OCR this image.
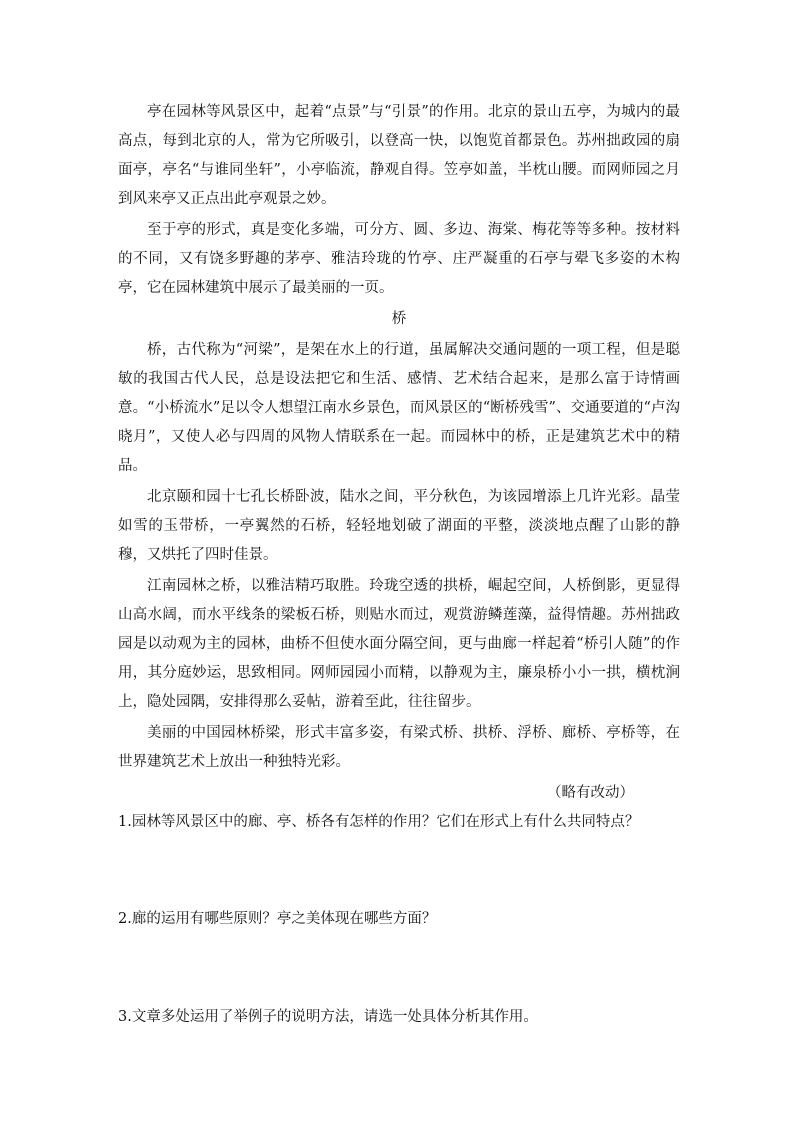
亭在园林等风景区中，起着“点景”与“引景”的作用。北京的景山五亭，为城内的最高点，每到北京的人，常为它所吸引，以登高一快，以饱览首都景色。苏州拙政园的扇面亭，亭名“与谁同坐轩”，小亭临流，静观自得。笠亭如盖，半枕山腰。而网师园之月到风来亭又正点出此亭观景之妙。

至于亭的形式，真是变化多端，可分方、圆、多边、海棠、梅花等等多种。按材料的不同，又有饶多野趣的茅亭、雅洁玲珑的竹亭、庄严凝重的石亭与翚飞多姿的木构亭，它在园林建筑中展示了最美丽的一页。

桥

桥，古代称为“河梁”，是架在水上的行道，虽属解决交通问题的一项工程，但是聪敏的我国古代人民，总是设法把它和生活、感情、艺术结合起来，是那么富于诗情画意。“小桥流水”足以令人想望江南水乡景色，而风景区的“断桥残雪”、交通要道的“卢沟晓月”，又使人必与四周的风物人情联系在一起。而园林中的桥，正是建筑艺术中的精品。

北京颐和园十七孔长桥卧波，陆水之间，平分秋色，为该园增添上几许光彩。晶莹如雪的玉带桥，一亭翼然的石桥，轻轻地划破了湖面的平整，淡淡地点醒了山影的静穆，又烘托了四时佳景。

江南园林之桥，以雅洁精巧取胜。玲珑空透的拱桥，崛起空间，人桥倒影，更显得山高水阔，而水平线条的梁板石桥，则贴水而过，观赏游鳞莲藻，益得情趣。苏州拙政园是以动观为主的园林，曲桥不但使水面分隔空间，更与曲廊一样起着“桥引人随”的作用，其分庭妙运，思致相同。网师园园小而精，以静观为主，廉泉桥小小一拱，横枕涧上，隐处园隅，安排得那么妥帖，游着至此，往往留步。

美丽的中国园林桥梁，形式丰富多姿，有梁式桥、拱桥、浮桥、廊桥、亭桥等，在世界建筑艺术上放出一种独特光彩。

（略有改动）
1.园林等风景区中的廊、亭、桥各有怎样的作用？它们在形式上有什么共同特点？
2.廊的运用有哪些原则？亭之美体现在哪些方面？
3.文章多处运用了举例子的说明方法，请选一处具体分析其作用。
